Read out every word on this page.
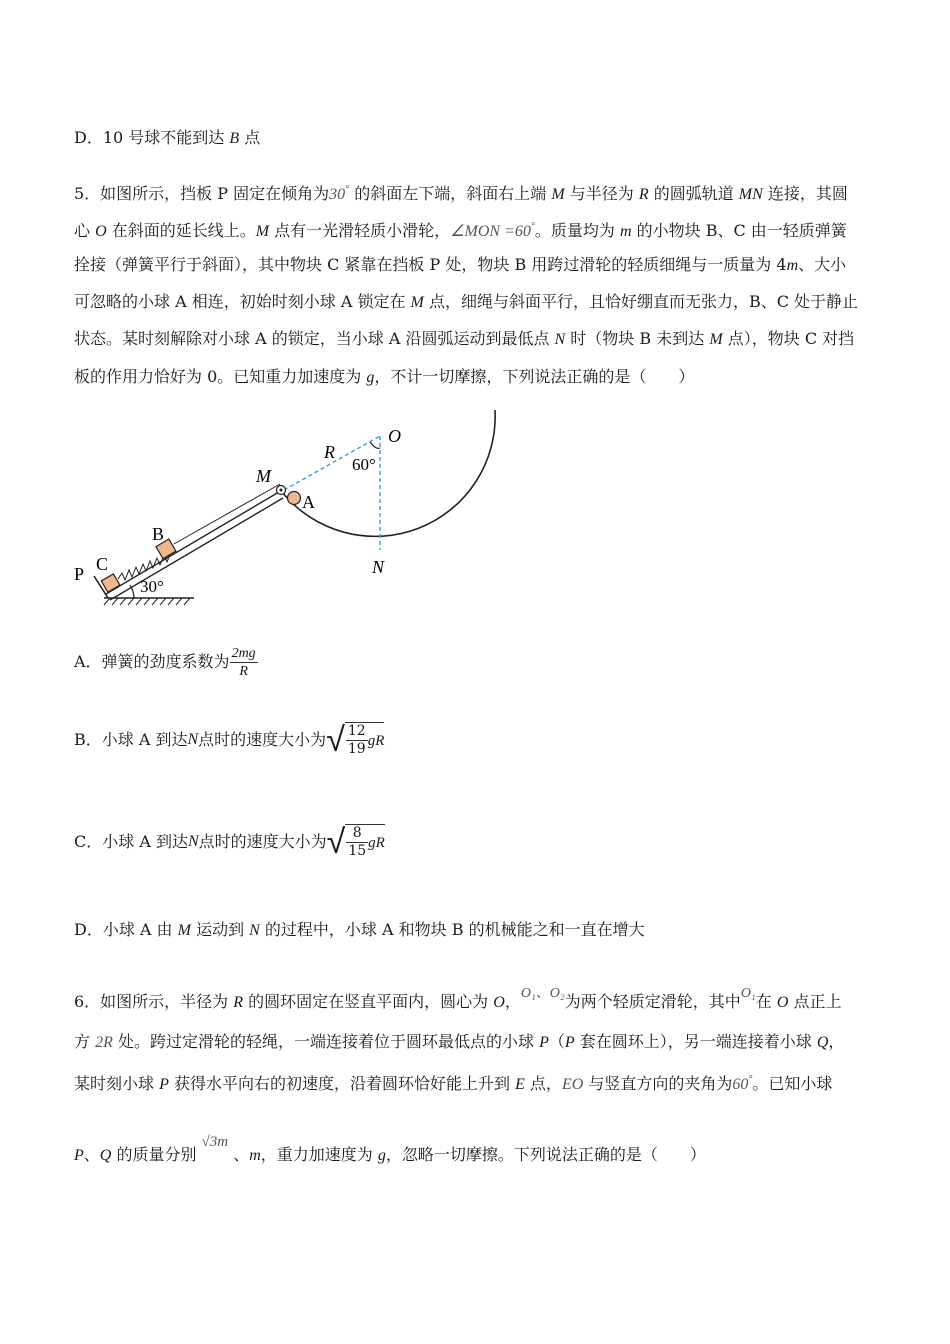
D．10 号球不能到达 B 点
5．如图所示，挡板 P 固定在倾角为30° 的斜面左下端，斜面右上端 M 与半径为 R 的圆弧轨道 MN 连接，其圆
心 O 在斜面的延长线上。M 点有一光滑轻质小滑轮，∠MON =60°。质量均为 m 的小物块 B、C 由一轻质弹簧
拴接（弹簧平行于斜面），其中物块 C 紧靠在挡板 P 处，物块 B 用跨过滑轮的轻质细绳与一质量为 4m、大小
可忽略的小球 A 相连，初始时刻小球 A 锁定在 M 点，细绳与斜面平行，且恰好绷直而无张力，B、C 处于静止
状态。某时刻解除对小球 A 的锁定，当小球 A 沿圆弧运动到最低点 N 时（物块 B 未到达 M 点），物块 C 对挡
板的作用力恰好为 0。已知重力加速度为 g，不计一切摩擦，下列说法正确的是（　　）
O
R
60°
M
A
B
C
P	N
30°
A．弹簧的劲度系数为 $\frac{2mg}{R}$
B．小球 A 到达 N 点时的速度大小为 √ $\frac{12}{19}$ gR
C．小球 A 到达 N 点时的速度大小为 √ $\frac{8}{15}$ gR
D．小球 A 由 M 运动到 N 的过程中，小球 A 和物块 B 的机械能之和一直在增大
6．如图所示，半径为 R 的圆环固定在竖直平面内，圆心为 O，O₁、O₂为两个轻质定滑轮，其中O₁在 O 点正上
方 2R 处。跨过定滑轮的轻绳，一端连接着位于圆环最低点的小球 P（P 套在圆环上），另一端连接着小球 Q，
某时刻小球 P 获得水平向右的初速度，沿着圆环恰好能上升到 E 点，EO 与竖直方向的夹角为60°。已知小球
P、Q 的质量分别 √3m 、m，重力加速度为 g，忽略一切摩擦。下列说法正确的是（　　）
